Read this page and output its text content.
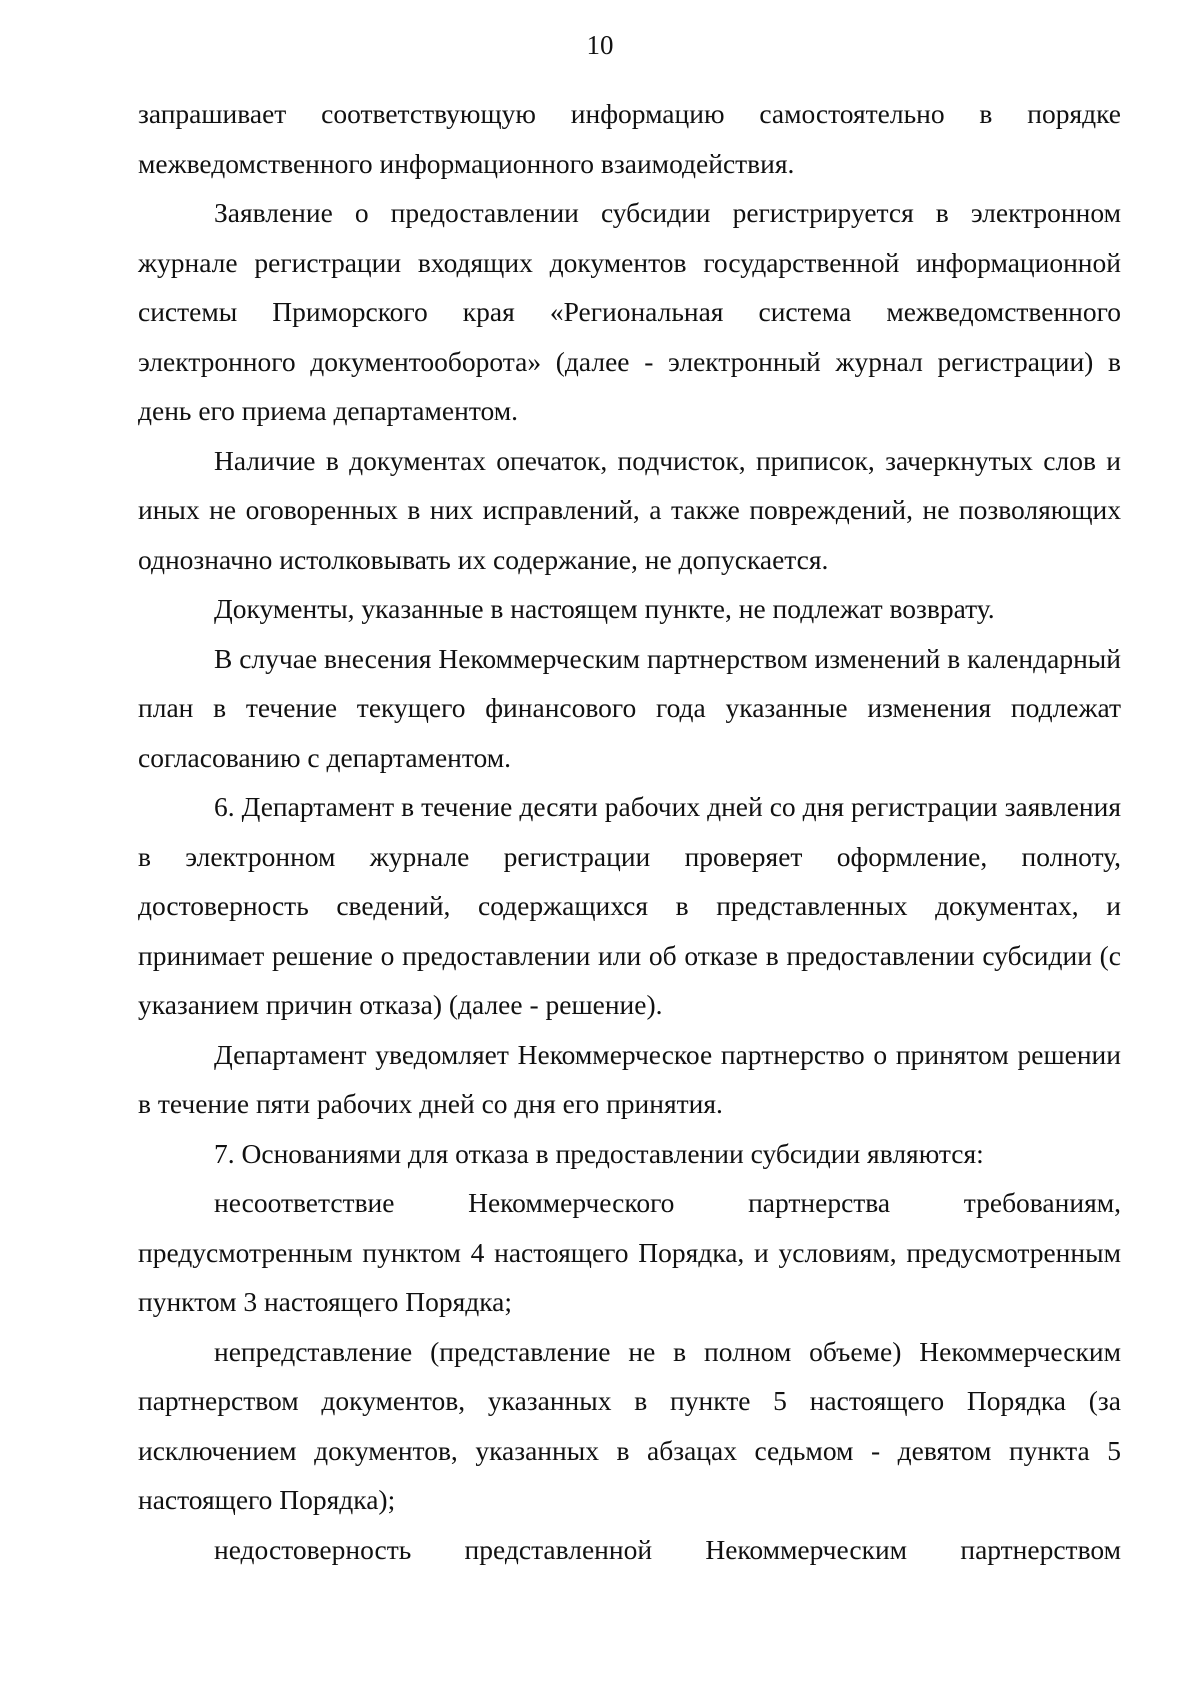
10

запрашивает соответствующую информацию самостоятельно в порядке межведомственного информационного взаимодействия.

Заявление о предоставлении субсидии регистрируется в электронном журнале регистрации входящих документов государственной информационной системы Приморского края «Региональная система межведомственного электронного документооборота» (далее - электронный журнал регистрации) в день его приема департаментом.

Наличие в документах опечаток, подчисток, приписок, зачеркнутых слов и иных не оговоренных в них исправлений, а также повреждений, не позволяющих однозначно истолковывать их содержание, не допускается.

Документы, указанные в настоящем пункте, не подлежат возврату.

В случае внесения Некоммерческим партнерством изменений в календарный план в течение текущего финансового года указанные изменения подлежат согласованию с департаментом.

6. Департамент в течение десяти рабочих дней со дня регистрации заявления в электронном журнале регистрации проверяет оформление, полноту, достоверность сведений, содержащихся в представленных документах, и принимает решение о предоставлении или об отказе в предоставлении субсидии (с указанием причин отказа) (далее - решение).

Департамент уведомляет Некоммерческое партнерство о принятом решении в течение пяти рабочих дней со дня его принятия.

7. Основаниями для отказа в предоставлении субсидии являются:

несоответствие Некоммерческого партнерства требованиям, предусмотренным пунктом 4 настоящего Порядка, и условиям, предусмотренным пунктом 3 настоящего Порядка;

непредставление (представление не в полном объеме) Некоммерческим партнерством документов, указанных в пункте 5 настоящего Порядка (за исключением документов, указанных в абзацах седьмом - девятом пункта 5 настоящего Порядка);

недостоверность представленной Некоммерческим партнерством
